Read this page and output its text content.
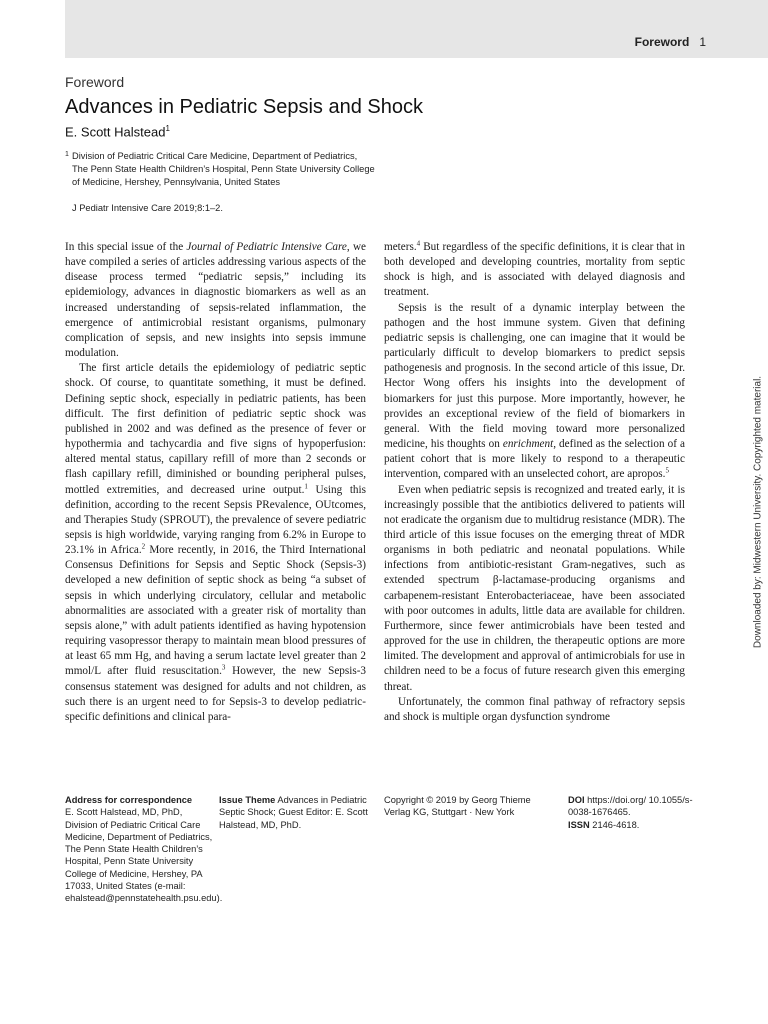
Foreword 1
Foreword
Advances in Pediatric Sepsis and Shock
E. Scott Halstead$^1$
1 Division of Pediatric Critical Care Medicine, Department of Pediatrics, The Penn State Health Children’s Hospital, Penn State University College of Medicine, Hershey, Pennsylvania, United States
J Pediatr Intensive Care 2019;8:1–2.

In this special issue of the Journal of Pediatric Intensive Care, we have compiled a series of articles addressing various aspects of the disease process termed “pediatric sepsis,” including its epidemiology, advances in diagnostic biomarkers as well as an increased understanding of sepsis-related inflammation, the emergence of antimicrobial resistant organisms, pulmonary complication of sepsis, and new insights into sepsis immune modulation.

The first article details the epidemiology of pediatric septic shock. Of course, to quantitate something, it must be defined. Defining septic shock, especially in pediatric patients, has been difficult. The first definition of pediatric septic shock was published in 2002 and was defined as the presence of fever or hypothermia and tachycardia and five signs of hypoperfusion: altered mental status, capillary refill of more than 2 seconds or flash capillary refill, diminished or bounding peripheral pulses, mottled extremities, and decreased urine output.$^1$ Using this definition, according to the recent Sepsis PRevalence, OUtcomes, and Therapies Study (SPROUT), the prevalence of severe pediatric sepsis is high worldwide, varying ranging from 6.2% in Europe to 23.1% in Africa.$^2$ More recently, in 2016, the Third International Consensus Definitions for Sepsis and Septic Shock (Sepsis-3) developed a new definition of septic shock as being “a subset of sepsis in which underlying circulatory, cellular and metabolic abnormalities are associated with a greater risk of mortality than sepsis alone,” with adult patients identified as having hypotension requiring vasopressor therapy to maintain mean blood pressures of at least 65 mm Hg, and having a serum lactate level greater than 2 mmol/L after fluid resuscitation.$^3$ However, the new Sepsis-3 consensus statement was designed for adults and not children, as such there is an urgent need to for Sepsis-3 to develop pediatric-specific definitions and clinical para-

meters.$^4$ But regardless of the specific definitions, it is clear that in both developed and developing countries, mortality from septic shock is high, and is associated with delayed diagnosis and treatment.

Sepsis is the result of a dynamic interplay between the pathogen and the host immune system. Given that defining pediatric sepsis is challenging, one can imagine that it would be particularly difficult to develop biomarkers to predict sepsis pathogenesis and prognosis. In the second article of this issue, Dr. Hector Wong offers his insights into the development of biomarkers for just this purpose. More importantly, however, he provides an exceptional review of the field of biomarkers in general. With the field moving toward more personalized medicine, his thoughts on enrichment, defined as the selection of a patient cohort that is more likely to respond to a therapeutic intervention, compared with an unselected cohort, are apropos.$^5$

Even when pediatric sepsis is recognized and treated early, it is increasingly possible that the antibiotics delivered to patients will not eradicate the organism due to multidrug resistance (MDR). The third article of this issue focuses on the emerging threat of MDR organisms in both pediatric and neonatal populations. While infections from antibiotic-resistant Gram-negatives, such as extended spectrum β-lactamase-producing organisms and carbapenem-resistant Enterobacteriaceae, have been associated with poor outcomes in adults, little data are available for children. Furthermore, since fewer antimicrobials have been tested and approved for the use in children, the therapeutic options are more limited. The development and approval of antimicrobials for use in children need to be a focus of future research given this emerging threat.

Unfortunately, the common final pathway of refractory sepsis and shock is multiple organ dysfunction syndrome

Address for correspondence
E. Scott Halstead, MD, PhD, Division of Pediatric Critical Care Medicine, Department of Pediatrics, The Penn State Health Children’s Hospital, Penn State University College of Medicine, Hershey, PA 17033, United States (e-mail: ehalstead@pennstatehealth.psu.edu).
Issue Theme Advances in Pediatric Septic Shock; Guest Editor: E. Scott Halstead, MD, PhD.
Copyright © 2019 by Georg Thieme Verlag KG, Stuttgart · New York
DOI https://doi.org/ 10.1055/s-0038-1676465.
ISSN 2146-4618.
Downloaded by: Midwestern University. Copyrighted material.
